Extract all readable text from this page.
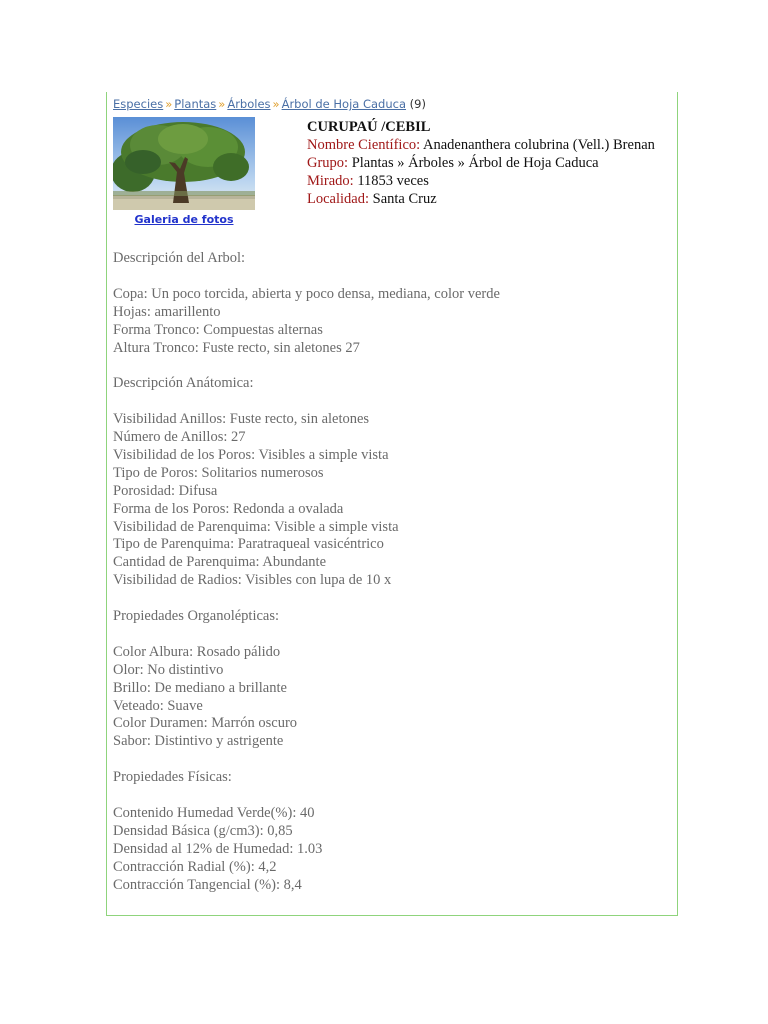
Especies » Plantas » Árboles » Árbol de Hoja Caduca (9)
Galeria de fotos
CURUPAÚ /CEBIL
Nombre Científico: Anadenanthera colubrina (Vell.) Brenan
Grupo: Plantas » Árboles » Árbol de Hoja Caduca
Mirado: 11853 veces
Localidad: Santa Cruz
Descripción del Arbol:
Copa: Un poco torcida, abierta y poco densa, mediana, color verde
Hojas: amarillento
Forma Tronco: Compuestas alternas
Altura Tronco: Fuste recto, sin aletones 27
Descripción Anátomica:
Visibilidad Anillos: Fuste recto, sin aletones
Número de Anillos: 27
Visibilidad de los Poros: Visibles a simple vista
Tipo de Poros: Solitarios numerosos
Porosidad: Difusa
Forma de los Poros: Redonda a ovalada
Visibilidad de Parenquima: Visible a simple vista
Tipo de Parenquima: Paratraqueal vasicéntrico
Cantidad de Parenquima: Abundante
Visibilidad de Radios: Visibles con lupa de 10 x
Propiedades Organolépticas:
Color Albura: Rosado pálido
Olor: No distintivo
Brillo: De mediano a brillante
Veteado: Suave
Color Duramen: Marrón oscuro
Sabor: Distintivo y astrigente
Propiedades Físicas:
Contenido Humedad Verde(%): 40
Densidad Básica (g/cm3): 0,85
Densidad al 12% de Humedad: 1.03
Contracción Radial (%): 4,2
Contracción Tangencial (%): 8,4
